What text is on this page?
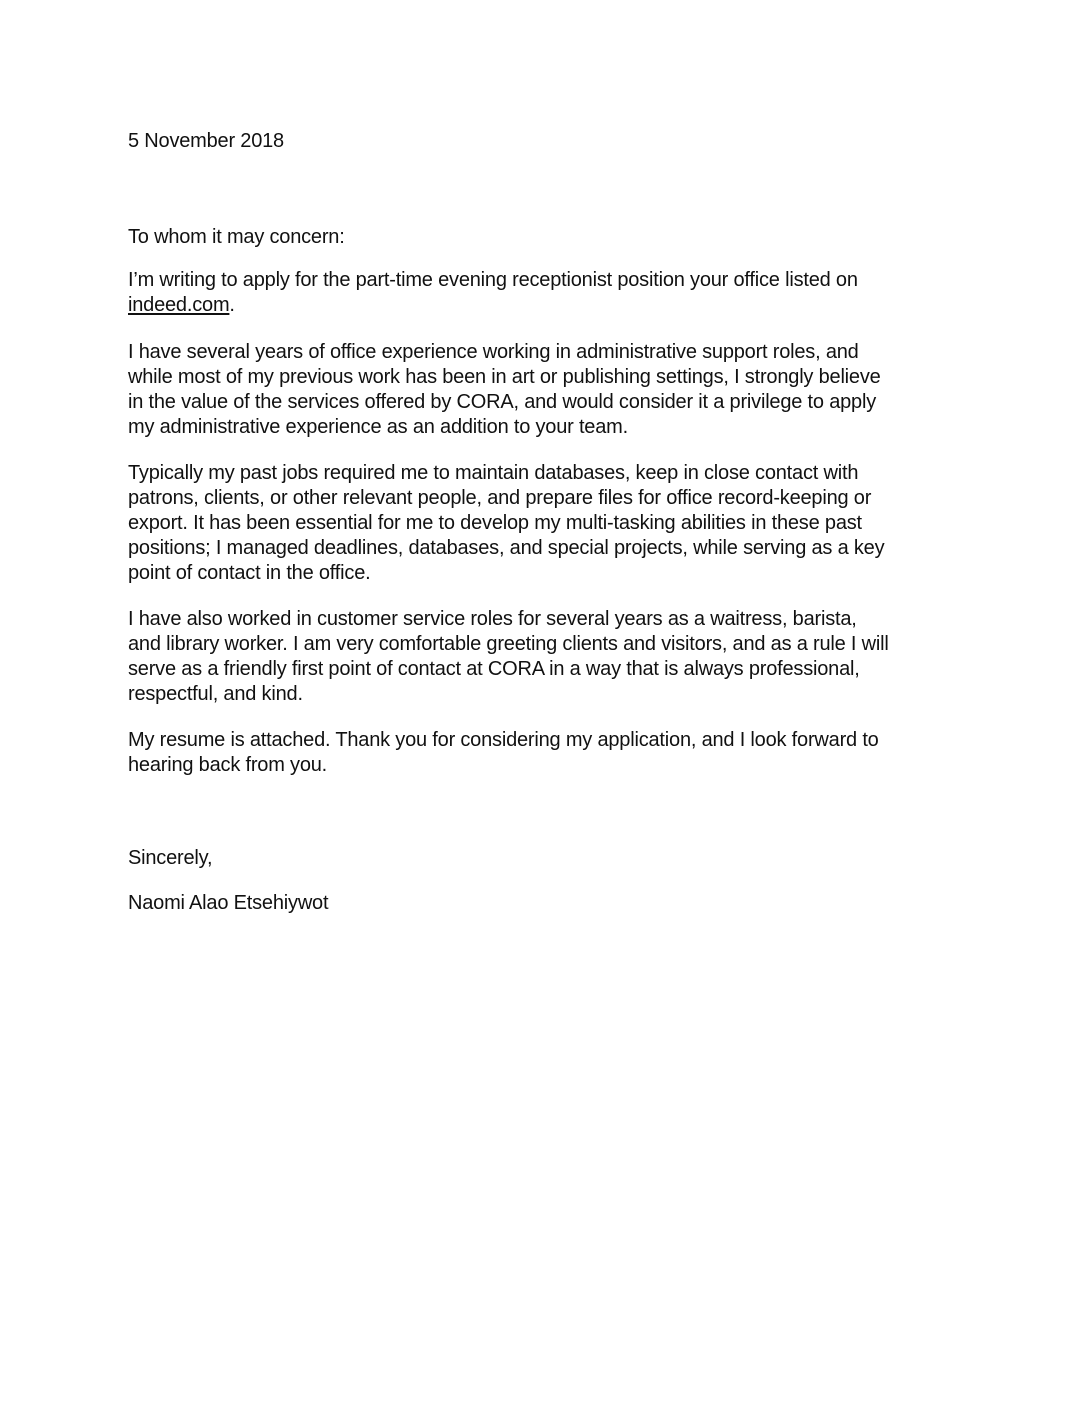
5 November 2018
To whom it may concern:
I’m writing to apply for the part-time evening receptionist position your office listed on
indeed.com.
I have several years of office experience working in administrative support roles, and
while most of my previous work has been in art or publishing settings, I strongly believe
in the value of the services offered by CORA, and would consider it a privilege to apply
my administrative experience as an addition to your team.
Typically my past jobs required me to maintain databases, keep in close contact with
patrons, clients, or other relevant people, and prepare files for office record-keeping or
export. It has been essential for me to develop my multi-tasking abilities in these past
positions; I managed deadlines, databases, and special projects, while serving as a key
point of contact in the office.
I have also worked in customer service roles for several years as a waitress, barista,
and library worker. I am very comfortable greeting clients and visitors, and as a rule I will
serve as a friendly first point of contact at CORA in a way that is always professional,
respectful, and kind.
My resume is attached. Thank you for considering my application, and I look forward to
hearing back from you.
Sincerely,
Naomi Alao Etsehiywot
